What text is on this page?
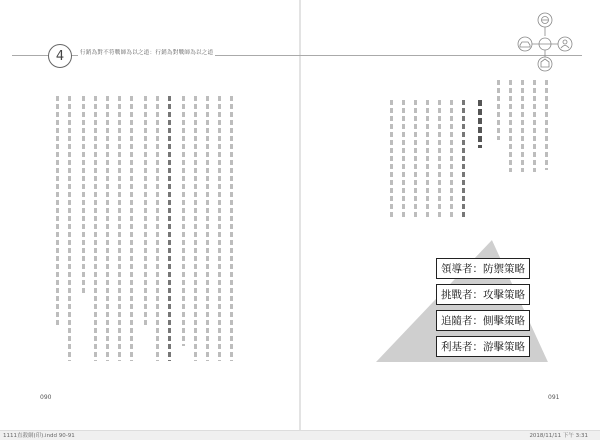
4	行銷為對不符戰師為以之道：行銷為對戰師為以之道
領導者：防禦策略
挑戰者：攻擊策略
追隨者：側擊策略
利基者：游擊策略
090	091
1111直殺網(印).indd 90-91	2018/11/11 下午 3:31
